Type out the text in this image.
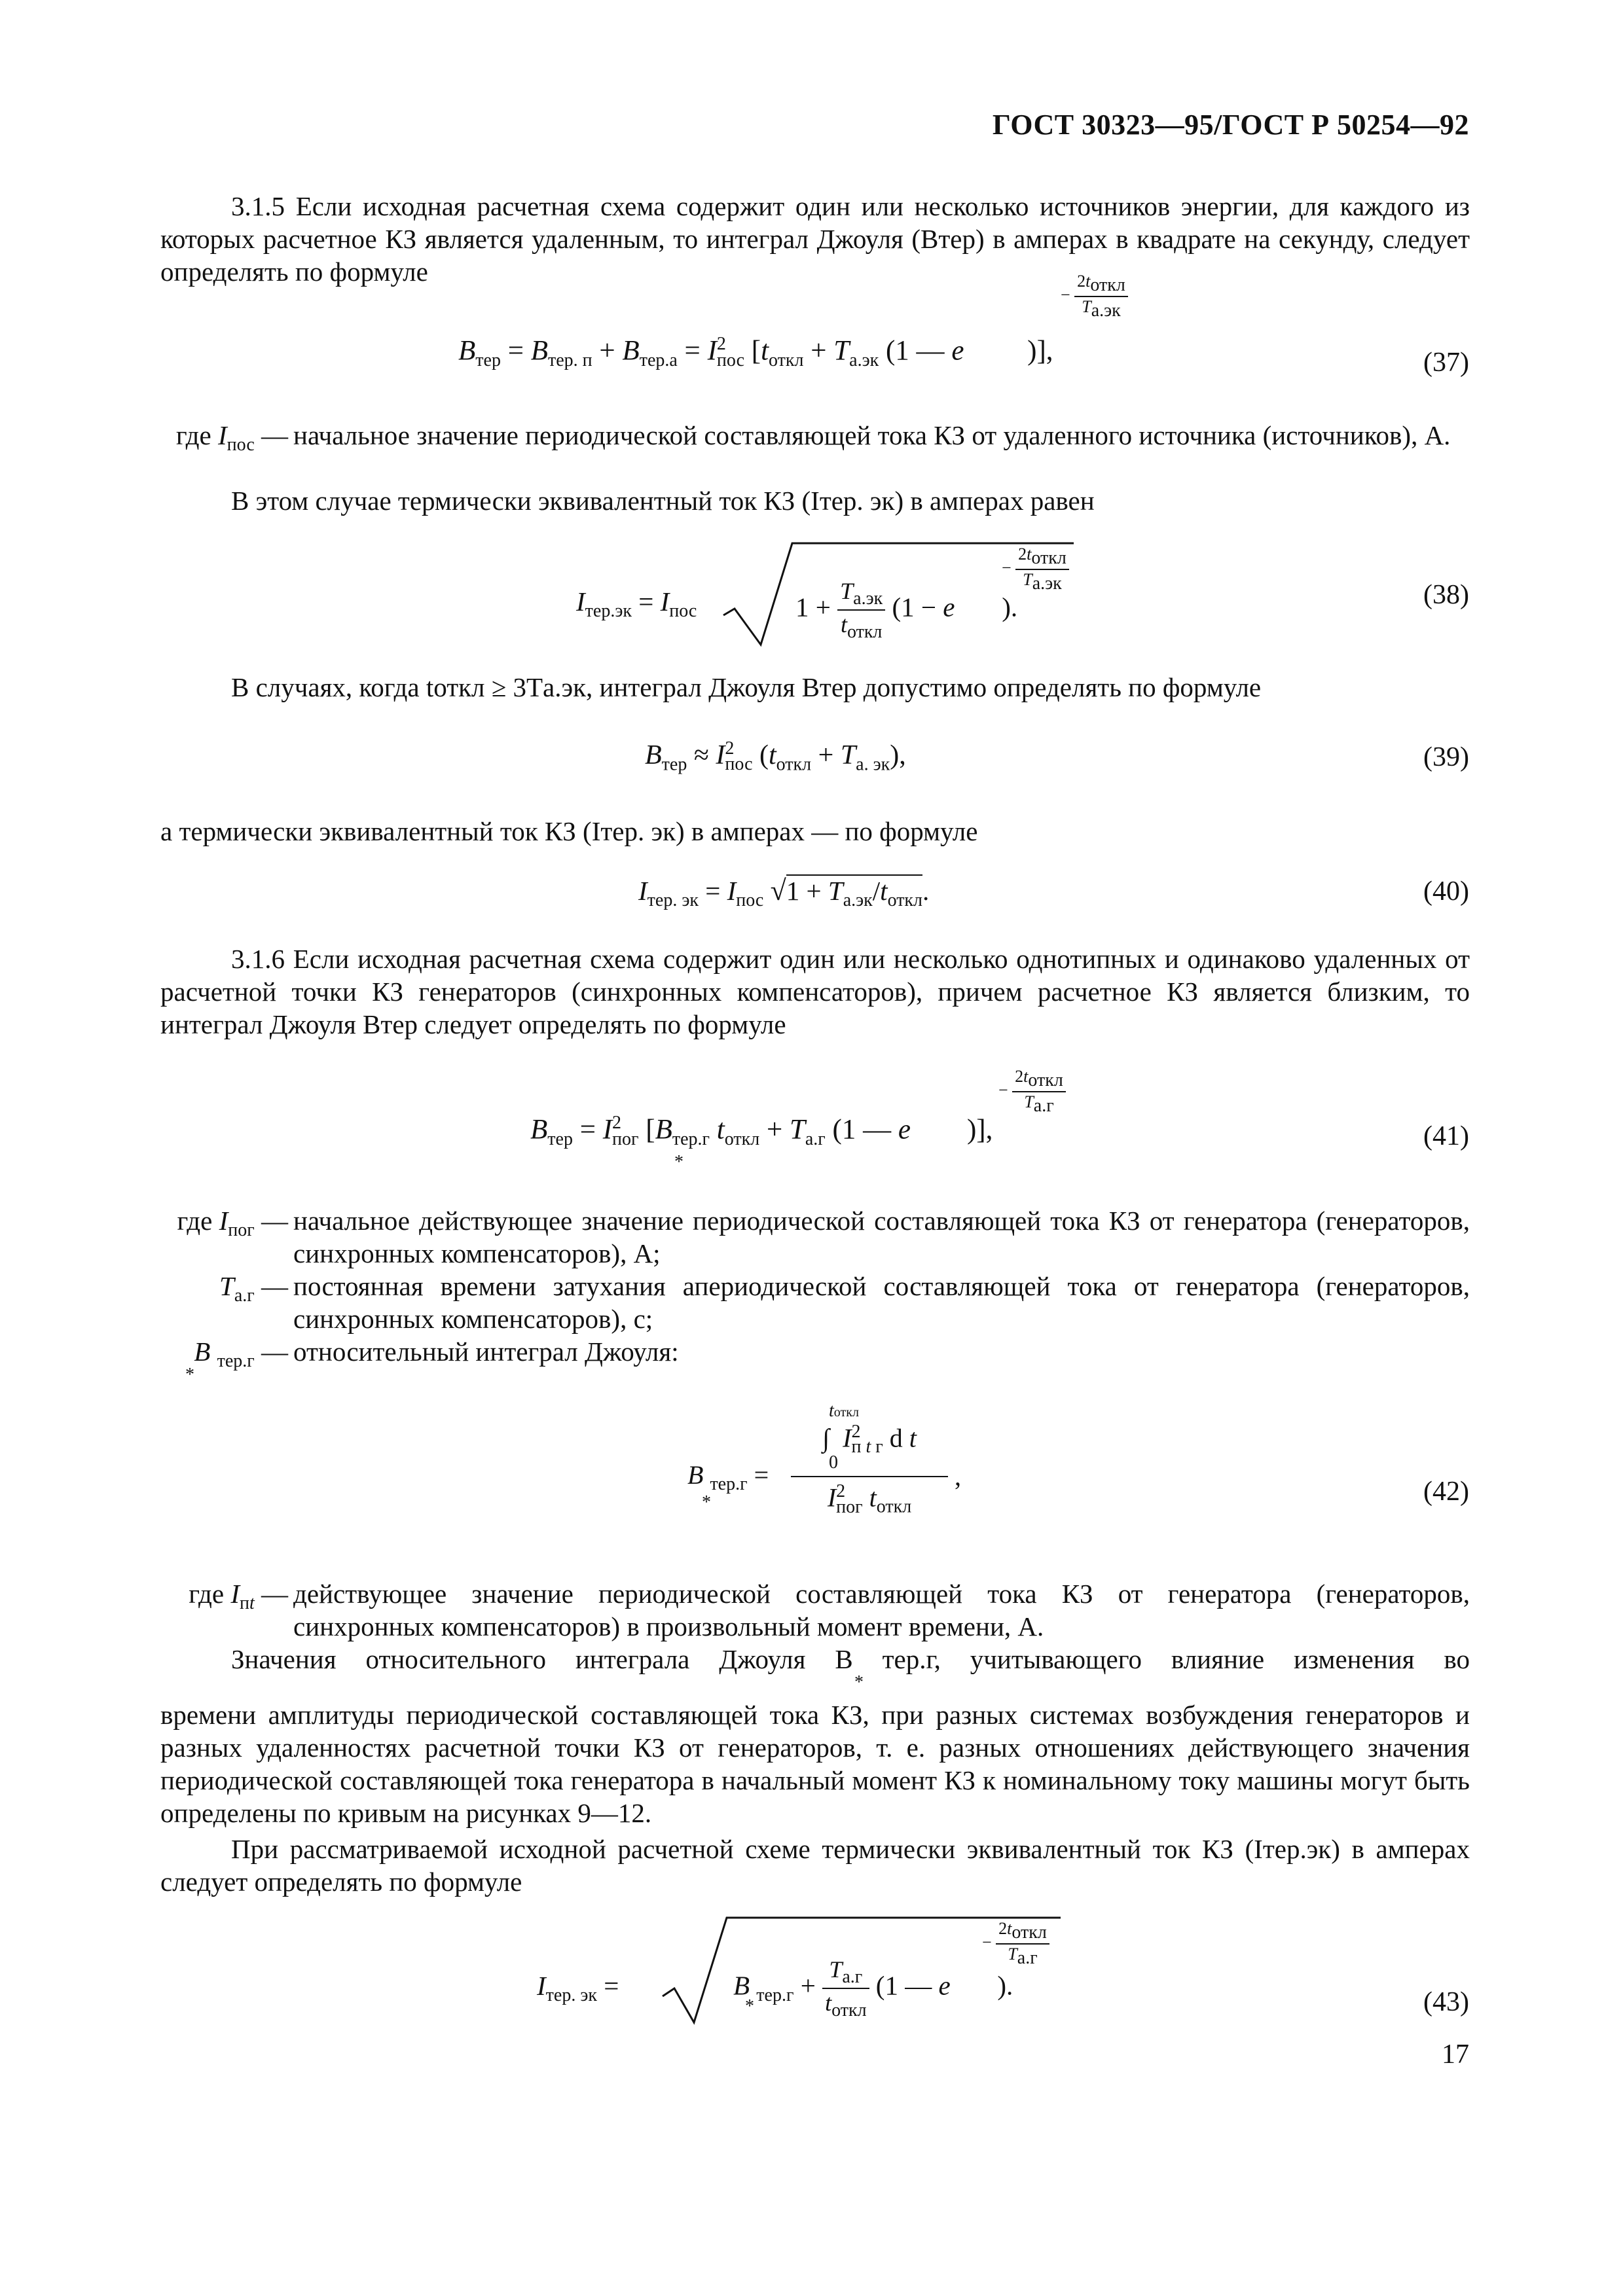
ГОСТ 30323—95/ГОСТ Р 50254—92
3.1.5 Если исходная расчетная схема содержит один или несколько источников энергии, для каждого из которых расчетное КЗ является удаленным, то интеграл Джоуля (Bтер) в амперах в квадрате на секунду, следует определять по формуле
$B_{тер} = B_{тер. п} + B_{тер.а} = I^2_{пос}$ [$t_{откл} + T_{а.эк}$ (1 — e         )],
− $\frac{2t_{откл}}{T_{а.эк}}$
(37)
где $I_{пос}$ — начальное значение периодической составляющей тока КЗ от удаленного источника (источников), А.
В этом случае термически эквивалентный ток КЗ (Iтер. эк) в амперах равен
$I_{тер.эк} = I_{пос}$	$1 + \frac{T_{а.эк}}{t_{откл}} (1 - e$       ).
− $\frac{2t_{откл}}{T_{а.эк}}$
(38)
В случаях, когда tоткл ≥ 3Tа.эк, интеграл Джоуля Bтер допустимо определять по формуле
$B_{тер} \approx I^2_{пос}$ $(t_{откл} + T_{а. эк})$,	(39)
а термически эквивалентный ток КЗ (Iтер. эк) в амперах — по формуле
$I_{тер. эк} = I_{пос}$ $√1 + T_{а.эк}/t_{откл}$.	(40)
3.1.6 Если исходная расчетная схема содержит один или несколько однотипных и одинаково удаленных от расчетной точки КЗ генераторов (синхронных компенсаторов), причем расчетное КЗ является близким, то интеграл Джоуля Bтер следует определять по формуле
$B_{тер} = I^2_{пог}$ [$B_{тер.г}$ $t_{откл} + T_{а.г}$ (1 — e        )],
*
− $\frac{2t_{откл}}{T_{а.г}}$
(41)
где $I_{пог}$ — начальное действующее значение периодической составляющей тока КЗ от генератора (генераторов, синхронных компенсаторов), А;
$T_{а.г}$ — постоянная времени затухания апериодической составляющей тока от генератора (генераторов, синхронных компенсаторов), с;
B $_{тер.г}$ — относительный интеграл Джоуля:
*
B $_{тер.г}$ =
*
tоткл
∫  $I^2_{п t г}$ d t
0
$I^2_{пог}$ $t_{откл}$
,
(42)
где $I_{пt}$ — действующее значение периодической составляющей тока КЗ от генератора (генераторов, синхронных компенсаторов) в произвольный момент времени, А.
Значения относительного интеграла Джоуля B тер.г, учитывающего влияние изменения во
*
времени амплитуды периодической составляющей тока КЗ, при разных системах возбуждения генераторов и разных удаленностях расчетной точки КЗ от генераторов, т. е. разных отношениях действующего значения периодической составляющей тока генератора в начальный момент КЗ к номинальному току машины могут быть определены по кривым на рисунках 9—12.
При рассматриваемой исходной расчетной схеме термически эквивалентный ток КЗ (Iтер.эк) в амперах следует определять по формуле
$I_{тер. эк}$ =	B $_{тер.г} + \frac{T_{а.г}}{t_{откл}} (1$ — e       ).
*
− $\frac{2t_{откл}}{T_{а.г}}$
(43)
17
